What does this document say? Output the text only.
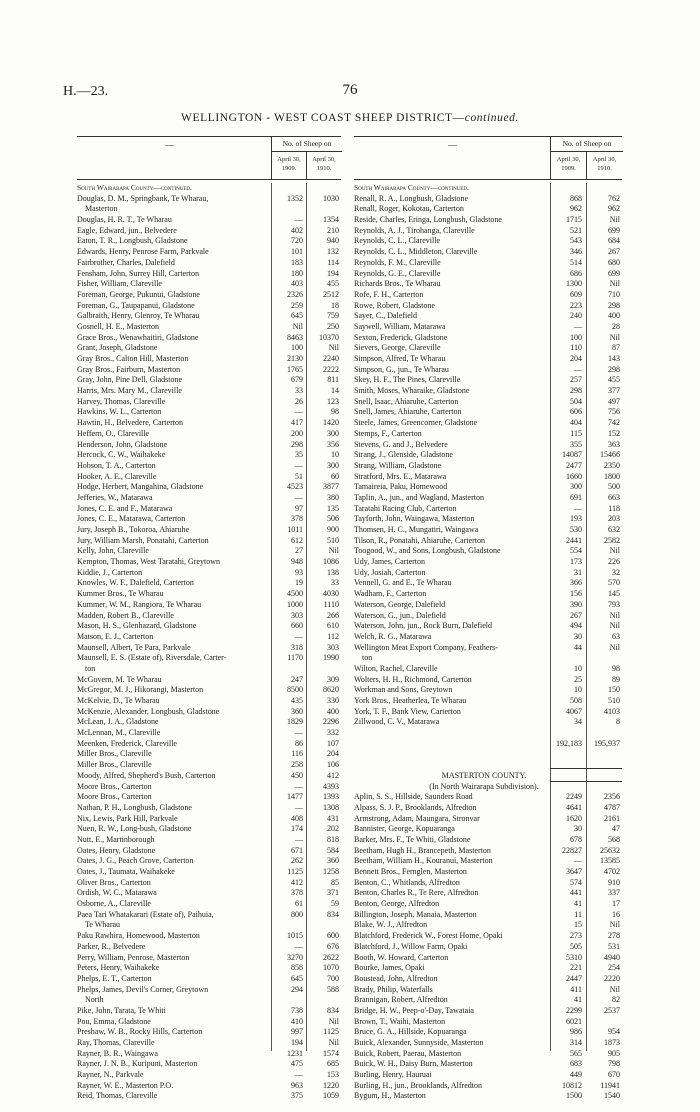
H.—23.	76
WELLINGTON - WEST COAST SHEEP DISTRICT—continued.
—	No. of Sheep on
April 30, 1909.
April 30, 1910.
—	No. of Sheep on
April 30, 1909.
April 30, 1910.
South Wairarapa County—continued.
Douglas, D. M., Springbank, Te Wharau,	1352	1030
Masterton
Douglas, H. R. T., Te Wharau	—	1354
Eagle, Edward, jun., Belvedere	402	210
Eaton, T. R., Longbush, Gladstone	720	940
Edwards, Henry, Penrose Farm, Parkvale	101	132
Fairbrother, Charles, Dalefield	183	114
Fensham, John, Surrey Hill, Carterton	180	194
Fisher, William, Clareville	403	455
Foreman, George, Pukunui, Gladstone	2326	2512
Foreman, G., Taupapanui, Gladstone	259	18
Galbraith, Henry, Glenroy, Te Wharau	645	759
Gosnell, H. E., Masterton	Nil	250
Grace Bros., Wenawhaitiri, Gladstone	8463 10370
Grant, Joseph, Gladstone	100	Nil
Gray Bros., Calton Hill, Masterton	2130	2240
Gray Bros., Fairburn, Masterton	1765	2222
Gray, John, Pine Dell, Gladstone	679	811
Harris, Mrs. Mary M., Clareville	33	14
Harvey, Thomas, Clareville	26	123
Hawkins, W. L., Carterton	—	98
Hawtin, H., Belvedere, Carterton	417	1420
Heffern, O., Clareville	200	300
Henderson, John, Gladstone	298	356
Hercock, C. W., Waihakeke	35	10
Hobson, T. A., Carterton	—	300
Hooker, A. E., Clareville	51	60
Hodge, Herbert, Mangahina, Gladstone	4523	3877
Jefferies, W., Matarawa	—	380
Jones, C. E. and F., Matarawa	97	135
Jones, C. E., Matarawa, Carterton	378	506
Jury, Joseph B., Tokoroa, Ahiaruhe	1011	900
Jury, William Marsh, Ponatahi, Carterton	612	510
Kelly, John, Clareville	27	Nil
Kempton, Thomas, West Taratahi, Greytown	948	1086
Kiddie, J., Carterton	93	138
Knowles, W. F., Dalefield, Carterton	19	33
Kummer Bros., Te Wharau	4500	4030
Kummer, W. M., Rangiora, Te Wharau	1000	1110
Madden, Robert B., Clareville	303	266
Mason, H. S., Glenhazard, Gladstone	660	610
Matson, E. J., Carterton	—	112
Maunsell, Albert, Te Para, Parkvale	318	303
Maunsell, E. S. (Estate of), Riversdale, Carter-	1170	1990
ton
McGovern, M. Te Wharau	247	309
McGregor, M. J., Hikorangi, Masterton	8500	8620
McKelvie, D., Te Wharau	435	330
McKenzie, Alexander, Longbush, Gladstone	360	400
McLean, J. A., Gladstone	1829	2296
McLennan, M., Clareville	—	332
Meenken, Frederick, Clareville	86	107
Miller Bros., Clareville	116	204
Miller Bros., Clareville	258	106
Moody, Alfred, Shepherd's Bush, Carterton	450	412
Moore Bros., Carterton	—	4393
Moore Bros., Carterton	1477	1393
Nathan, P. H., Longbush, Gladstone	—	1308
Nix, Lewis, Park Hill, Parkvale	408	431
Nuen, R. W., Long-bush, Gladstone	174	202
Nutt, E., Martinborough	—	818
Oates, Henry, Gladstone	671	584
Oates, J. G., Peach Grove, Carterton	262	360
Oates, J., Taumata, Waihakeke	1125	1258
Oliver Bros., Carterton	412	85
Ordish, W. C., Matarawa	378	371
Osborne, A., Clareville	61	59
Paea Tari Whatakarari (Estate of), Paihuia,	800	834
Te Wharau
Paku Rawhira, Homewood, Masterton	1015	600
Parker, R., Belvedere	—	676
Perry, William, Penrose, Masterton	3270	2622
Peters, Henry, Waihakeke	858	1070
Phelps, E. T., Carterton	645	700
Phelps, James, Devil's Corner, Greytown	294	588
North
Pike, John, Tarata, Te Whiti	738	834
Pou, Emma, Gladstone	410	Nil
Preshaw, W. B., Rocky Hills, Carterton	997	1125
Ray, Thomas, Clareville	194	Nil
Rayner, B. R., Waingawa	1231	1574
Rayner, J. N. B., Kuripuni, Masterton	475	685
Rayner, N., Parkvale	—	153
Rayner, W. E., Masterton P.O.	963	1220
Reid, Thomas, Clareville	375	1059
South Wairarapa County—continued.
Renall, R. A., Longbush, Gladstone	868	762
Renall, Roger, Kokotau, Carterton	962	962
Reside, Charles, Eringa, Longbush, Gladstone	1715	Nil
Reynolds, A. J., Tirohanga, Clareville	521	699
Reynolds, C. L., Clareville	543	684
Reynolds, C. L., Middleton, Clareville	346	267
Reynolds, F. M., Clareville	514	680
Reynolds, G. E., Clareville	686	699
Richards Bros., Te Wharau	1300	Nil
Rofe, F. H., Carterton	609	710
Rowe, Robert, Gladstone	223	298
Sayer, C., Dalefield	240	400
Saywell, William, Matarawa	—	28
Sexton, Frederick, Gladstone	100	Nil
Sievers, George, Clareville	110	87
Simpson, Alfred, Te Wharau	204	143
Simpson, G., jun., Te Wharau	—	298
Skey, H. F., The Pines, Clareville	257	455
Smith, Moses, Wharaike, Gladstone	298	377
Snell, Isaac, Ahiaruhe, Carterton	504	497
Snell, James, Ahiaruhe, Carterton	606	756
Steele, James, Greencorner, Gladstone	404	742
Stemps, F., Carterton	115	152
Stevens, G. and J., Belvedere	355	363
Strang, J., Glenside, Gladstone	14087 15466
Strang, William, Gladstone	2477	2350
Stratford, Mrs. E., Matarawa	1660	1800
Tamaireia, Paku, Homewood	300	500
Taplin, A., jun., and Wagland, Masterton	691	663
Taratahi Racing Club, Carterton	—	118
Tayforth, John, Waingawa, Masterton	193	203
Thomsen, H. C., Mungatiri, Waingawa	530	632
Tilson, R., Ponatahi, Ahiaruhe, Carterton	2441	2582
Toogood, W., and Sons, Longbush, Gladstone	554	Nil
Udy, James, Carterton	173	226
Udy, Josiah, Carterton	31	32
Vennell, G. and E., Te Wharau	366	570
Wadham, F., Carterton	156	145
Waterson, George, Dalefield	390	793
Waterson, G., jun., Dalefield	267	Nil
Waterson, John, jun., Rock Burn, Dalefield	494	Nil
Welch, R. G., Matarawa	30	63
Wellington Meat Export Company, Feathers-	44	Nil
ton
Wilton, Rachel, Clareville	10	98
Wolters, H. H., Richmond, Carterton	25	89
Workman and Sons, Greytown	10	150
York Bros., Heatherlea, Te Wharau	508	510
York, T. F., Bank View, Carterton	4067	4103
Zillwood, C. V., Matarawa	34	8
192,183 195,937
MASTERTON COUNTY.
(In North Wairarapa Subdivision).
Aplin, S. S., Hillside, Saunders Road	2249	2356
Alpass, S. J. P., Brooklands, Alfredton	4641	4787
Armstrong, Adam, Maungara, Stronvar	1620	2161
Bannister, George, Kopuaranga	30	47
Barker, Mrs. F., Te Whiti, Gladstone	678	568
Beetham, Hugh H., Brancepeth, Masterton	22827 25632
Beetham, William H., Kouranui, Masterton	— 13585
Bennett Bros., Fernglen, Masterton	3647	4702
Benton, C., Whitlands, Alfredton	574	910
Benton, Charles R., Te Rere, Alfredton	441	337
Benton, George, Alfredton	41	17
Billington, Joseph, Manaia, Masterton	11	16
Blake, W. J., Alfredton	15	Nil
Blatchford, Frederick W., Forest Home, Opaki	273	278
Blatchford, J., Willow Farm, Opaki	505	531
Booth, W. Howard, Carterton	5310	4940
Bourke, James, Opaki	221	254
Boustead, John, Alfredton	2447	2220
Brady, Philip, Waterfalls	411	Nil
Brannigan, Robert, Alfredton	41	82
Bridge, H. W., Peep-o'-Day, Tawataia	2299	2537
Brown, T., Waihi, Masterton	6021
Bruce, G. A., Hillside, Kopuaranga	986	954
Buick, Alexander, Sunnyside, Masterton	314	1873
Buick, Robert, Paerau, Masterton	565	905
Buick, W. H., Daisy Burn, Masterton	683	798
Burling, Henry, Hauruai	449	670
Burling, H., jun., Brooklands, Alfredton	10812 11941
Bygum, H., Masterton	1500	1540
